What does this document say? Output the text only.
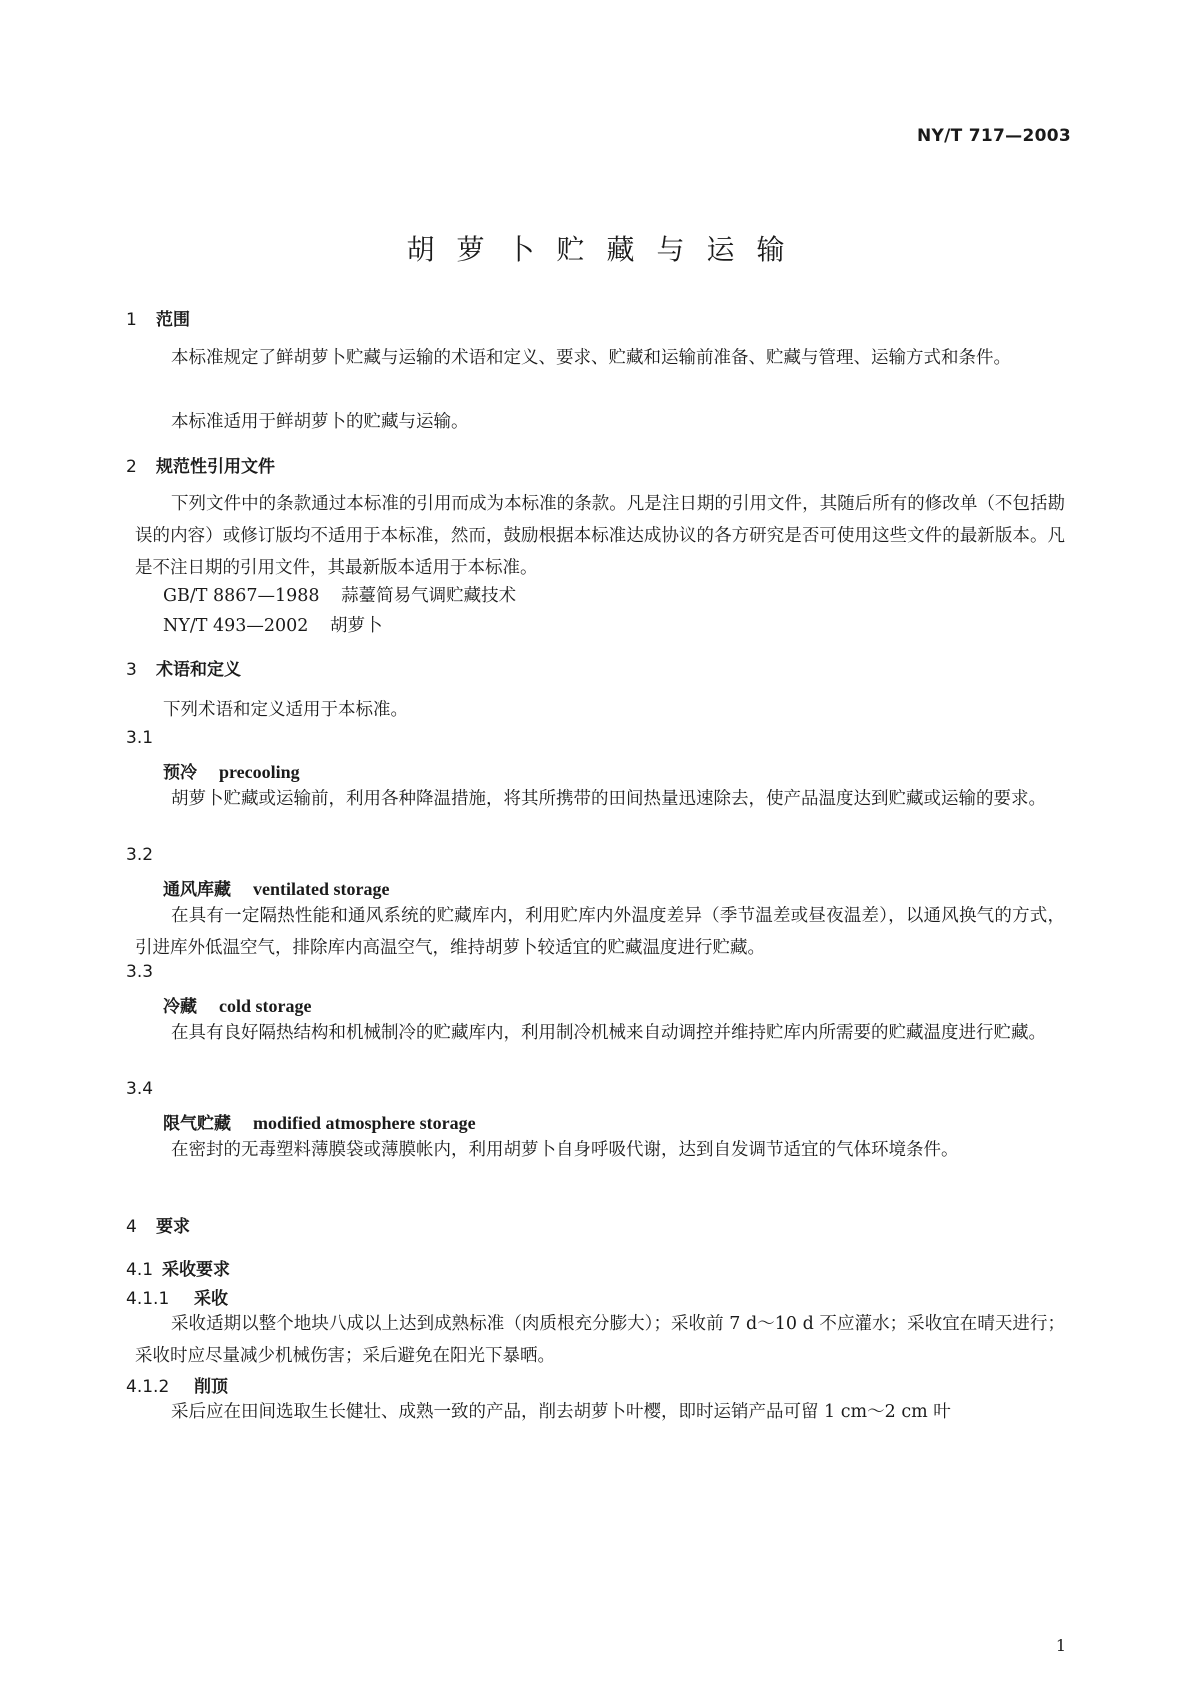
NY/T 717—2003
胡萝卜贮藏与运输
1 范围
本标准规定了鲜胡萝卜贮藏与运输的术语和定义、要求、贮藏和运输前准备、贮藏与管理、运输方式和条件。
本标准适用于鲜胡萝卜的贮藏与运输。
2 规范性引用文件
下列文件中的条款通过本标准的引用而成为本标准的条款。凡是注日期的引用文件，其随后所有的修改单（不包括勘误的内容）或修订版均不适用于本标准，然而，鼓励根据本标准达成协议的各方研究是否可使用这些文件的最新版本。凡是不注日期的引用文件，其最新版本适用于本标准。
GB/T 8867—1988 蒜薹简易气调贮藏技术
NY/T 493—2002 胡萝卜
3 术语和定义
下列术语和定义适用于本标准。
3.1
预冷 precooling
胡萝卜贮藏或运输前，利用各种降温措施，将其所携带的田间热量迅速除去，使产品温度达到贮藏或运输的要求。
3.2
通风库藏 ventilated storage
在具有一定隔热性能和通风系统的贮藏库内，利用贮库内外温度差异（季节温差或昼夜温差），以通风换气的方式，引进库外低温空气，排除库内高温空气，维持胡萝卜较适宜的贮藏温度进行贮藏。
3.3
冷藏 cold storage
在具有良好隔热结构和机械制冷的贮藏库内，利用制冷机械来自动调控并维持贮库内所需要的贮藏温度进行贮藏。
3.4
限气贮藏 modified atmosphere storage
在密封的无毒塑料薄膜袋或薄膜帐内，利用胡萝卜自身呼吸代谢，达到自发调节适宜的气体环境条件。
4 要求
4.1 采收要求
4.1.1 采收
采收适期以整个地块八成以上达到成熟标准（肉质根充分膨大）；采收前 7 d～10 d 不应灌水；采收宜在晴天进行；采收时应尽量减少机械伤害；采后避免在阳光下暴晒。
4.1.2 削顶
采后应在田间选取生长健壮、成熟一致的产品，削去胡萝卜叶樱，即时运销产品可留 1 cm～2 cm 叶
1
